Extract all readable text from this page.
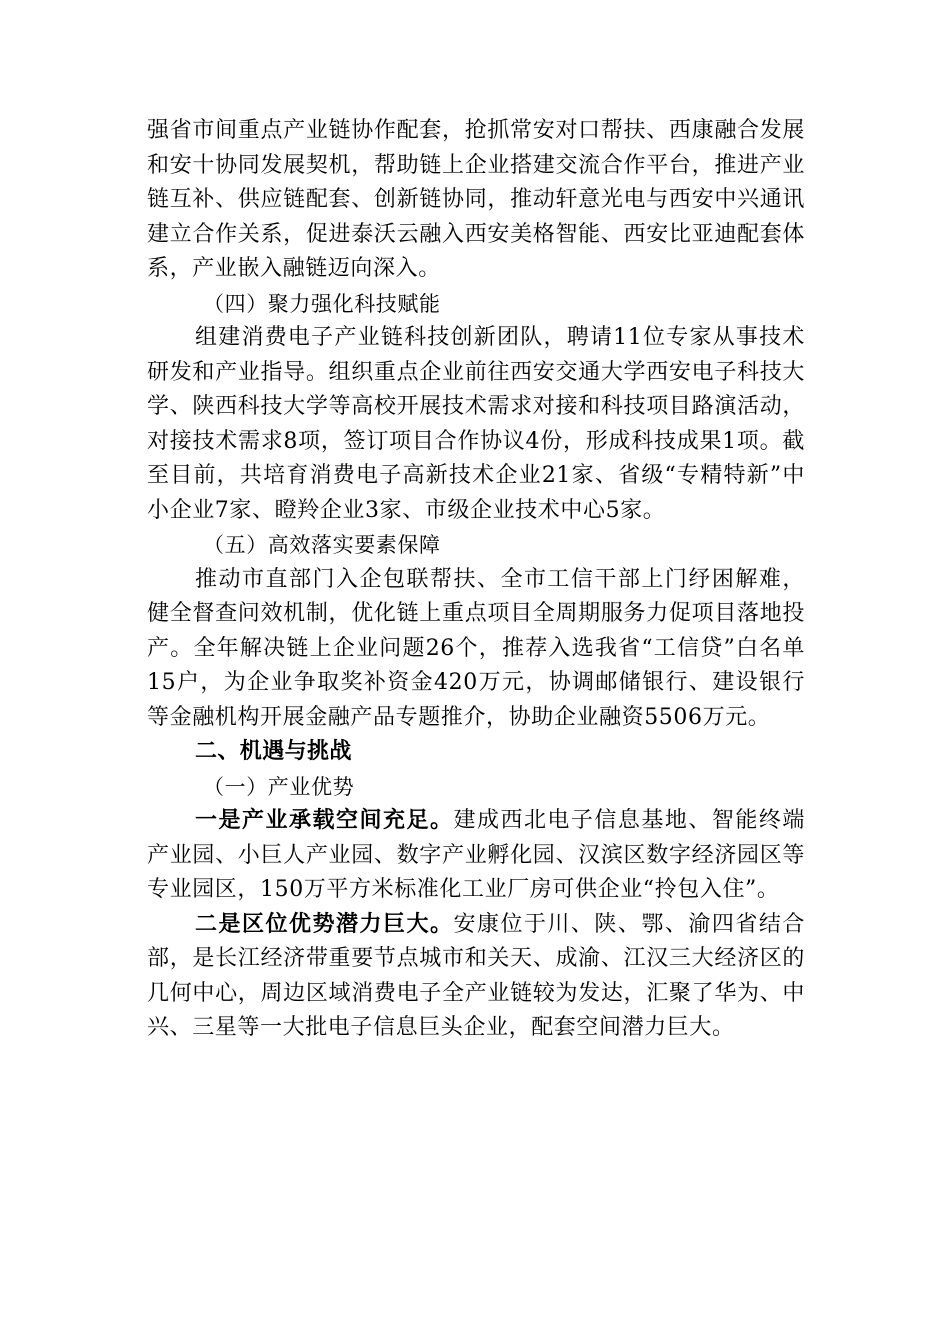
强省市间重点产业链协作配套，抢抓常安对口帮扶、西康融合发展和安十协同发展契机，帮助链上企业搭建交流合作平台，推进产业链互补、供应链配套、创新链协同，推动轩意光电与西安中兴通讯建立合作关系，促进泰沃云融入西安美格智能、西安比亚迪配套体系，产业嵌入融链迈向深入。

（四）聚力强化科技赋能

组建消费电子产业链科技创新团队，聘请11位专家从事技术研发和产业指导。组织重点企业前往西安交通大学西安电子科技大学、陕西科技大学等高校开展技术需求对接和科技项目路演活动，对接技术需求8项，签订项目合作协议4份，形成科技成果1项。截至目前，共培育消费电子高新技术企业21家、省级“专精特新”中小企业7家、瞪羚企业3家、市级企业技术中心5家。

（五）高效落实要素保障

推动市直部门入企包联帮扶、全市工信干部上门纾困解难，健全督查问效机制，优化链上重点项目全周期服务力促项目落地投产。全年解决链上企业问题26个，推荐入选我省“工信贷”白名单15户，为企业争取奖补资金420万元，协调邮储银行、建设银行等金融机构开展金融产品专题推介，协助企业融资5506万元。

二、机遇与挑战

（一）产业优势

一是产业承载空间充足。建成西北电子信息基地、智能终端产业园、小巨人产业园、数字产业孵化园、汉滨区数字经济园区等专业园区，150万平方米标准化工业厂房可供企业“拎包入住”。

二是区位优势潜力巨大。安康位于川、陕、鄂、渝四省结合部，是长江经济带重要节点城市和关天、成渝、江汉三大经济区的几何中心，周边区域消费电子全产业链较为发达，汇聚了华为、中兴、三星等一大批电子信息巨头企业，配套空间潜力巨大。
